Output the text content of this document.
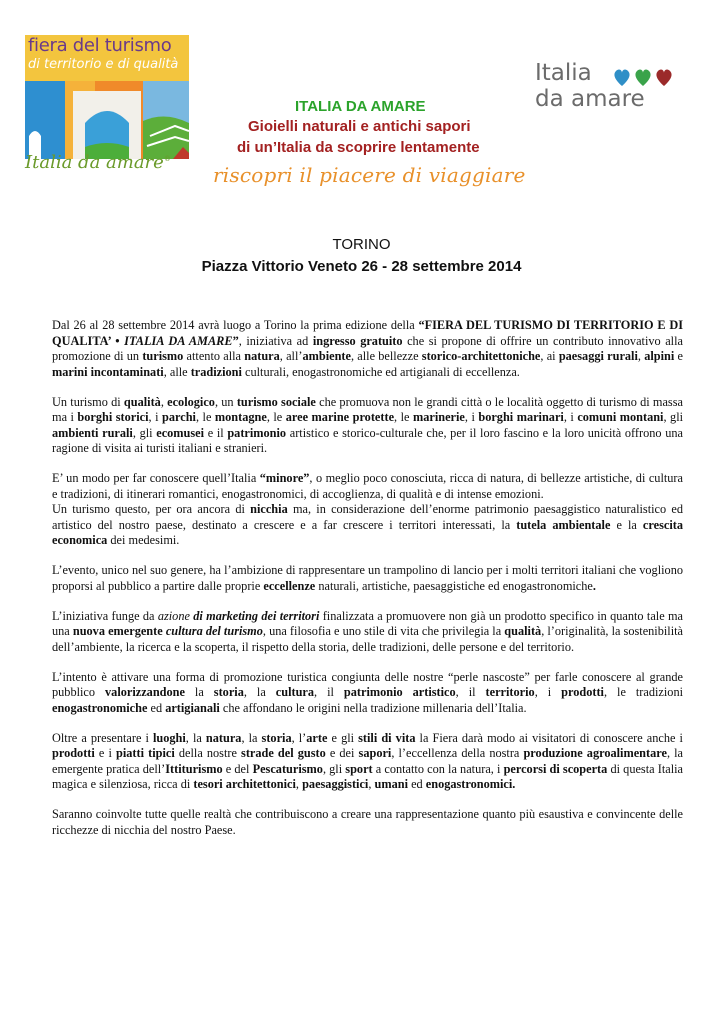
fiera del turismo
di territorio e di qualità
Italia da amare®
Italia
da amare
ITALIA DA AMARE
Gioielli naturali e antichi sapori
di un’Italia da scoprire lentamente
riscopri il piacere di viaggiare
TORINO
Piazza Vittorio Veneto 26 - 28 settembre 2014

Dal 26 al 28 settembre 2014 avrà luogo a Torino la prima edizione della “FIERA DEL TURISMO DI TERRITORIO E DI QUALITA’ • ITALIA DA AMARE”, iniziativa ad ingresso gratuito che si propone di offrire un contributo innovativo alla promozione di un turismo attento alla natura, all’ambiente, alle bellezze storico-architettoniche, ai paesaggi rurali, alpini e marini incontaminati, alle tradizioni culturali, enogastronomiche ed artigianali di eccellenza.

Un turismo di qualità, ecologico, un turismo sociale che promuova non le grandi città o le località oggetto di turismo di massa ma i borghi storici, i parchi, le montagne, le aree marine protette, le marinerie, i borghi marinari, i comuni montani, gli ambienti rurali, gli ecomusei e il patrimonio artistico e storico-culturale che, per il loro fascino e la loro unicità offrono una ragione di visita ai turisti italiani e stranieri.

E’ un modo per far conoscere quell’Italia “minore”, o meglio poco conosciuta, ricca di natura, di bellezze artistiche, di cultura e tradizioni, di itinerari romantici, enogastronomici, di accoglienza, di qualità e di intense emozioni.

Un turismo questo, per ora ancora di nicchia ma, in considerazione dell’enorme patrimonio paesaggistico naturalistico ed artistico del nostro paese, destinato a crescere e a far crescere i territori interessati, la tutela ambientale e la crescita economica dei medesimi.

L’evento, unico nel suo genere, ha l’ambizione di rappresentare un trampolino di lancio per i molti territori italiani che vogliono proporsi al pubblico a partire dalle proprie eccellenze naturali, artistiche, paesaggistiche ed enogastronomiche.

L’iniziativa funge da azione di marketing dei territori finalizzata a promuovere non già un prodotto specifico in quanto tale ma una nuova emergente cultura del turismo, una filosofia e uno stile di vita che privilegia la qualità, l’originalità, la sostenibilità dell’ambiente, la ricerca e la scoperta, il rispetto della storia, delle tradizioni, delle persone e del territorio.

L’intento è attivare una forma di promozione turistica congiunta delle nostre “perle nascoste” per farle conoscere al grande pubblico valorizzandone la storia, la cultura, il patrimonio artistico, il territorio, i prodotti, le tradizioni enogastronomiche ed artigianali che affondano le origini nella tradizione millenaria dell’Italia.

Oltre a presentare i luoghi, la natura, la storia, l’arte e gli stili di vita la Fiera darà modo ai visitatori di conoscere anche i prodotti e i piatti tipici della nostre strade del gusto e dei sapori, l’eccellenza della nostra produzione agroalimentare, la emergente pratica dell’Ittiturismo e del Pescaturismo, gli sport a contatto con la natura, i percorsi di scoperta di questa Italia magica e silenziosa, ricca di tesori architettonici, paesaggistici, umani ed enogastronomici.

Saranno coinvolte tutte quelle realtà che contribuiscono a creare una rappresentazione quanto più esaustiva e convincente delle ricchezze di nicchia del nostro Paese.
